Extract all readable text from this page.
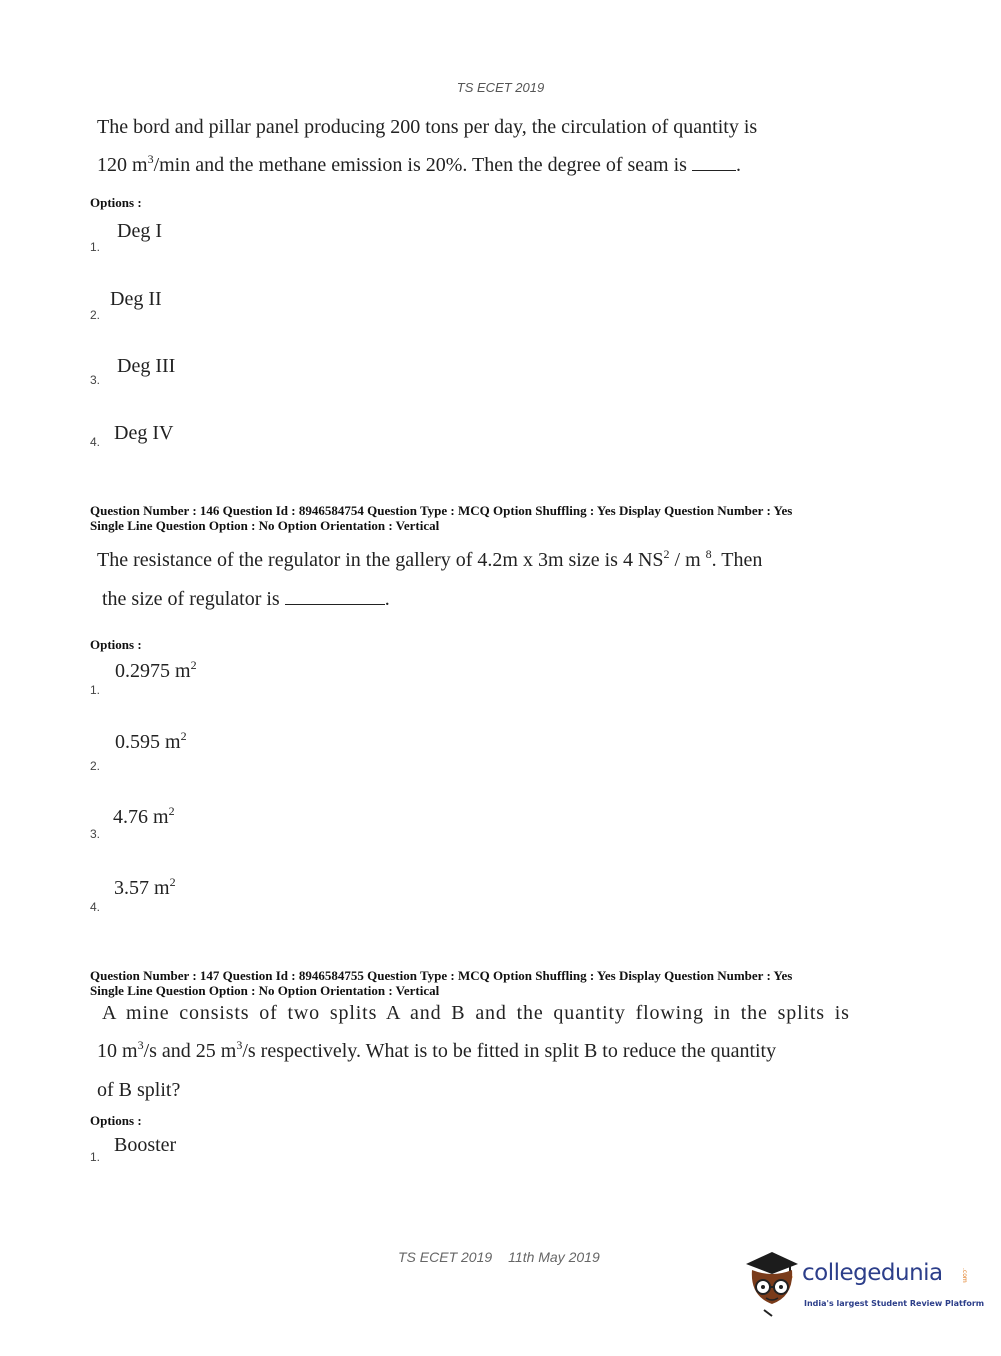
TS ECET 2019
The bord and pillar panel producing 200 tons per day, the circulation of quantity is
120 $m^3/\min$ and the methane emission is 20%. Then the degree of seam is .
Options :
1.
Deg I
2.
Deg II
3.
Deg III
4. Deg IV
Question Number : 146 Question Id : 8946584754 Question Type : MCQ Option Shuffling : Yes Display Question Number : Yes
Single Line Question Option : No Option Orientation : Vertical
The resistance of the regulator in the gallery of 4.2m x 3m size is 4 $NS^2$ / m $^8$. Then
the size of regulator is	.
Options :
1.
0.2975 $m^2$
2.
0.595 $m^2$
3.
4.76 $m^2$
4.
3.57 $m^2$
Question Number : 147 Question Id : 8946584755 Question Type : MCQ Option Shuffling : Yes Display Question Number : Yes
Single Line Question Option : No Option Orientation : Vertical
A mine consists of two splits A and B and the quantity flowing in the splits is
10 $m^3/s$ and 25 $m^3/s$ respectively. What is to be fitted in split B to reduce the quantity
of B split?
Options :
1.
Booster
TS ECET 2019 11th May 2019
collegedunia	.com
India's largest Student Review Platform
